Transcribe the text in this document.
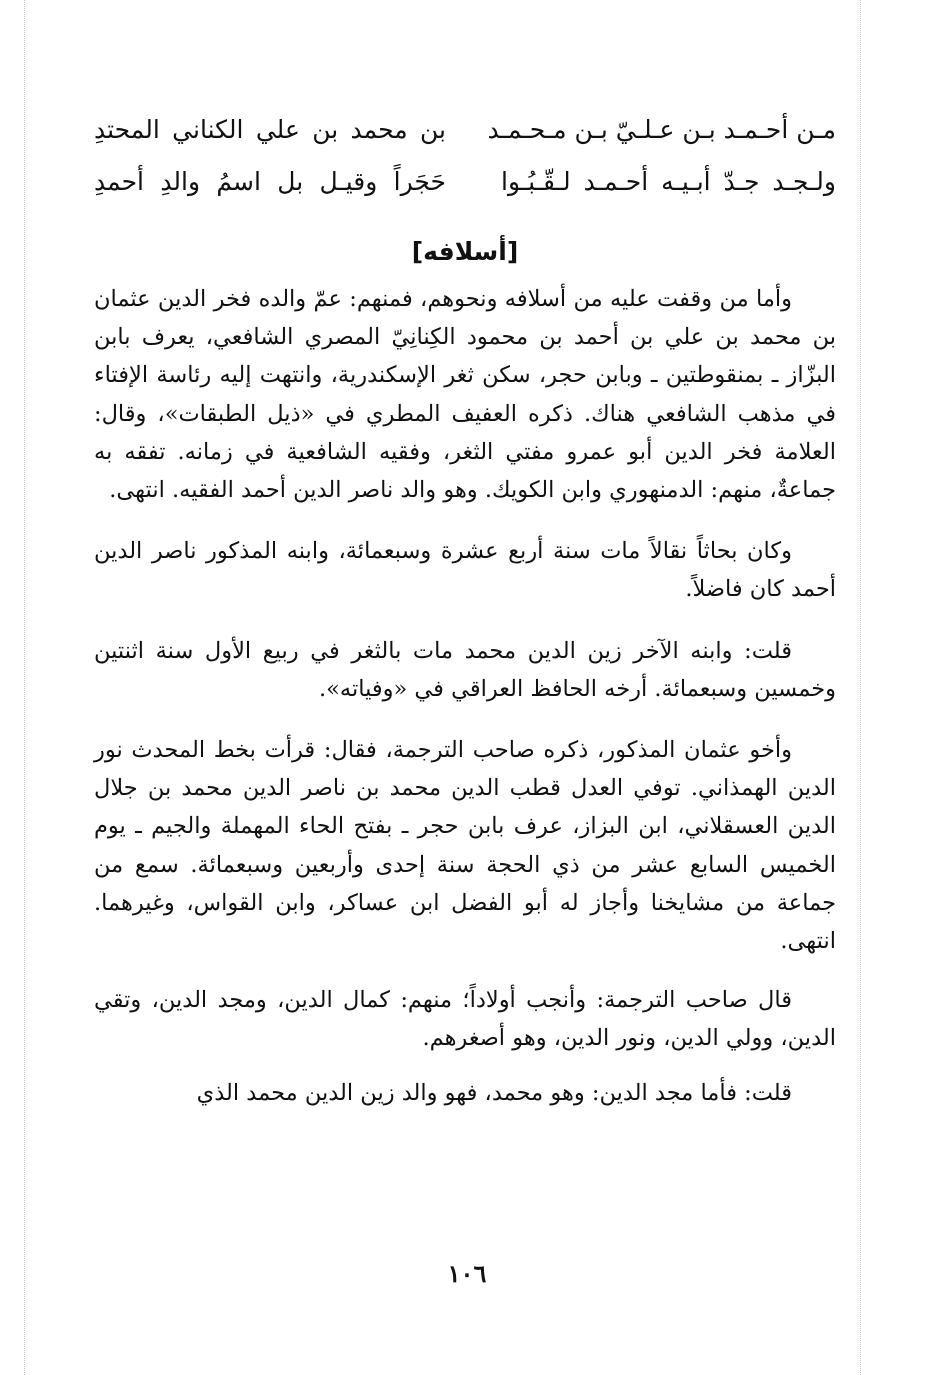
مـن أحـمـد بـن عـلـيّ بـن مـحـمـد
بن محمد بن علي الكناني المحتدِ
ولـجـد جـدّ أبـيـه أحـمـد لـقّـبُـوا
حَجَراً وقيـل بل اسمُ والدِ أحمدِ
[أسلافه]

وأما من وقفت عليه من أسلافه ونحوهم، فمنهم: عمّ والده فخر الدين عثمان بن محمد بن علي بن أحمد بن محمود الكِنانِيّ المصري الشافعي، يعرف بابن البزّاز ـ بمنقوطتين ـ وبابن حجر، سكن ثغر الإسكندرية، وانتهت إليه رئاسة الإفتاء في مذهب الشافعي هناك. ذكره العفيف المطري في «ذيل الطبقات»، وقال: العلامة فخر الدين أبو عمرو مفتي الثغر، وفقيه الشافعية في زمانه. تفقه به جماعةٌ، منهم: الدمنهوري وابن الكويك. وهو والد ناصر الدين أحمد الفقيه. انتهى.

وكان بحاثاً نقالاً مات سنة أربع عشرة وسبعمائة، وابنه المذكور ناصر الدين أحمد كان فاضلاً.

قلت: وابنه الآخر زين الدين محمد مات بالثغر في ربيع الأول سنة اثنتين وخمسين وسبعمائة. أرخه الحافظ العراقي في «وفياته».

وأخو عثمان المذكور، ذكره صاحب الترجمة، فقال: قرأت بخط المحدث نور الدين الهمذاني. توفي العدل قطب الدين محمد بن ناصر الدين محمد بن جلال الدين العسقلاني، ابن البزاز، عرف بابن حجر ـ بفتح الحاء المهملة والجيم ـ يوم الخميس السابع عشر من ذي الحجة سنة إحدى وأربعين وسبعمائة. سمع من جماعة من مشايخنا وأجاز له أبو الفضل ابن عساكر، وابن القواس، وغيرهما. انتهى.

قال صاحب الترجمة: وأنجب أولاداً؛ منهم: كمال الدين، ومجد الدين، وتقي الدين، وولي الدين، ونور الدين، وهو أصغرهم.

قلت: فأما مجد الدين: وهو محمد، فهو والد زين الدين محمد الذي

١٠٦
